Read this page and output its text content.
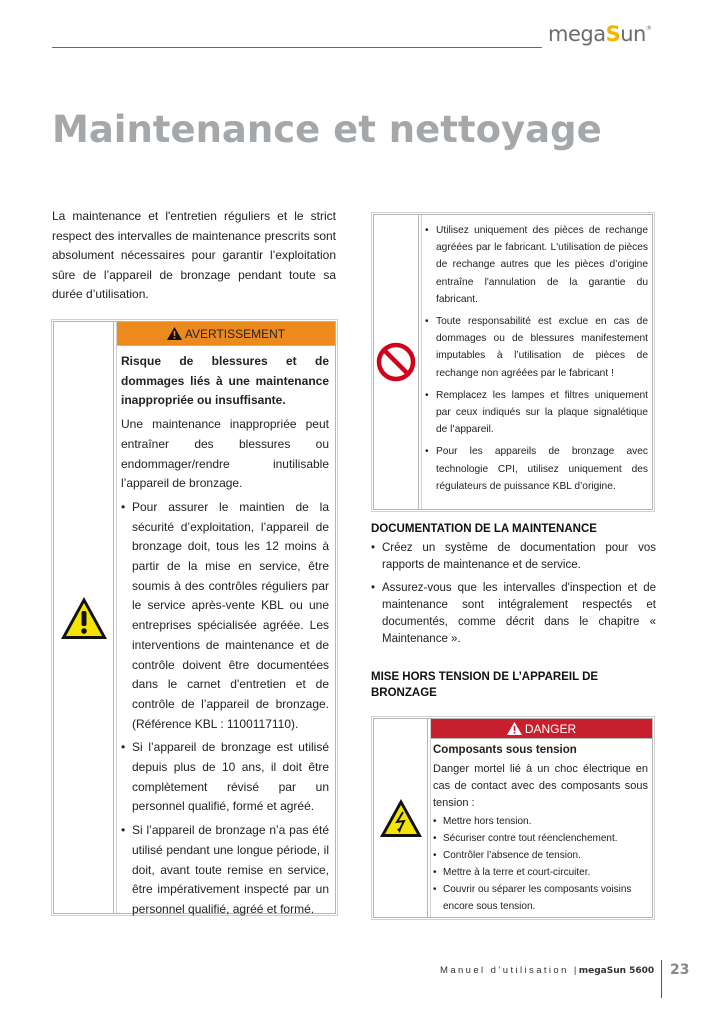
megaSun®
Maintenance et nettoyage

La maintenance et l'entretien réguliers et le strict respect des intervalles de maintenance prescrits sont absolument nécessaires pour garantir l’exploitation sûre de l’appareil de bronzage pendant toute sa durée d’utilisation.

AVERTISSEMENT
Risque de blessures et de dommages liés à une maintenance inappropriée ou insuffisante.

Une maintenance inappropriée peut entraîner des blessures ou endommager/rendre inutilisable l’appareil de bronzage.

• Pour assurer le maintien de la sécurité d’exploitation, l’appareil de bronzage doit, tous les 12 moins à partir de la mise en service, être soumis à des contrôles réguliers par le service après-vente KBL ou une entreprises spécialisée agréée. Les interventions de maintenance et de contrôle doivent être documentées dans le carnet d'entretien et de contrôle de l’appareil de bronzage. (Référence KBL : 1100117110).
• Si l’appareil de bronzage est utilisé depuis plus de 10 ans, il doit être complètement révisé par un personnel qualifié, formé et agréé.
• Si l’appareil de bronzage n’a pas été utilisé pendant une longue période, il doit, avant toute remise en service, être impérativement inspecté par un personnel qualifié, agréé et formé.
• Utilisez uniquement des pièces de rechange agréées par le fabricant. L'utilisation de pièces de rechange autres que les pièces d’origine entraîne l'annulation de la garantie du fabricant.
• Toute responsabilité est exclue en cas de dommages ou de blessures manifestement imputables à l’utilisation de pièces de rechange non agréées par le fabricant !
• Remplacez les lampes et filtres uniquement par ceux indiqués sur la plaque signalétique de l’appareil.
• Pour les appareils de bronzage avec technologie CPI, utilisez uniquement des régulateurs de puissance KBL d’origine.
DOCUMENTATION DE LA MAINTENANCE
• Créez un système de documentation pour vos rapports de maintenance et de service.
• Assurez-vous que les intervalles d'inspection et de maintenance sont intégralement respectés et documentés, comme décrit dans le chapitre « Maintenance ».
MISE HORS TENSION DE L’APPAREIL DE BRONZAGE
DANGER
Composants sous tension

Danger mortel lié à un choc électrique en cas de contact avec des composants sous tension :

• Mettre hors tension.
• Sécuriser contre tout réenclenchement.
• Contrôler l’absence de tension.
• Mettre à la terre et court-circuiter.
• Couvrir ou séparer les composants voisins encore sous tension.
Manuel d’utilisation |megaSun 5600 23
